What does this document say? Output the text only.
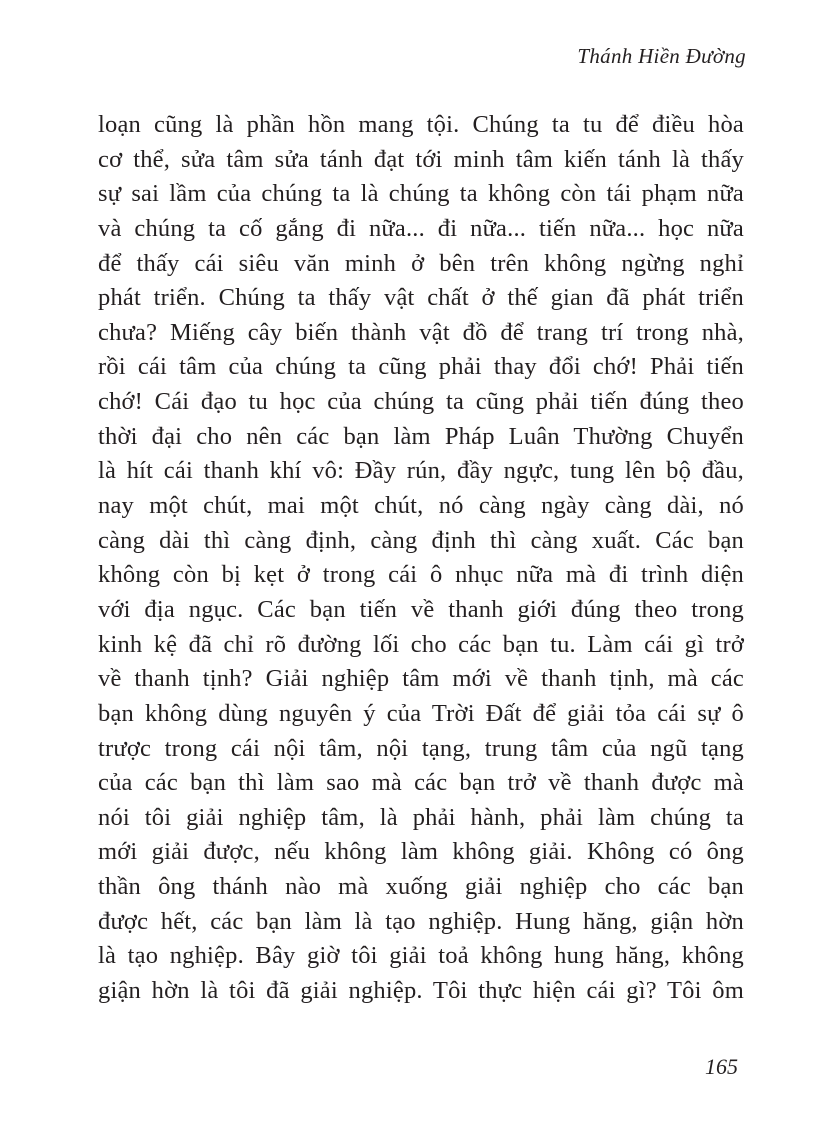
Thánh Hiền Đường
loạn cũng là phần hồn mang tội. Chúng ta tu để điều hòa
cơ thể, sửa tâm sửa tánh đạt tới minh tâm kiến tánh là thấy
sự sai lầm của chúng ta là chúng ta không còn tái phạm nữa
và chúng ta cố gắng đi nữa... đi nữa... tiến nữa... học nữa
để thấy cái siêu văn minh ở bên trên không ngừng nghỉ
phát triển. Chúng ta thấy vật chất ở thế gian đã phát triển
chưa? Miếng cây biến thành vật đồ để trang trí trong nhà,
rồi cái tâm của chúng ta cũng phải thay đổi chớ! Phải tiến
chớ! Cái đạo tu học của chúng ta cũng phải tiến đúng theo
thời đại cho nên các bạn làm Pháp Luân Thường Chuyển
là hít cái thanh khí vô: Đầy rún, đầy ngực, tung lên bộ đầu,
nay một chút, mai một chút, nó càng ngày càng dài, nó
càng dài thì càng định, càng định thì càng xuất. Các bạn
không còn bị kẹt ở trong cái ô nhục nữa mà đi trình diện
với địa ngục. Các bạn tiến về thanh giới đúng theo trong
kinh kệ đã chỉ rõ đường lối cho các bạn tu. Làm cái gì trở
về thanh tịnh? Giải nghiệp tâm mới về thanh tịnh, mà các
bạn không dùng nguyên ý của Trời Đất để giải tỏa cái sự ô
trược trong cái nội tâm, nội tạng, trung tâm của ngũ tạng
của các bạn thì làm sao mà các bạn trở về thanh được mà
nói tôi giải nghiệp tâm, là phải hành, phải làm chúng ta
mới giải được, nếu không làm không giải. Không có ông
thần ông thánh nào mà xuống giải nghiệp cho các bạn
được hết, các bạn làm là tạo nghiệp. Hung hăng, giận hờn
là tạo nghiệp. Bây giờ tôi giải toả không hung hăng, không
giận hờn là tôi đã giải nghiệp. Tôi thực hiện cái gì? Tôi ôm
165
